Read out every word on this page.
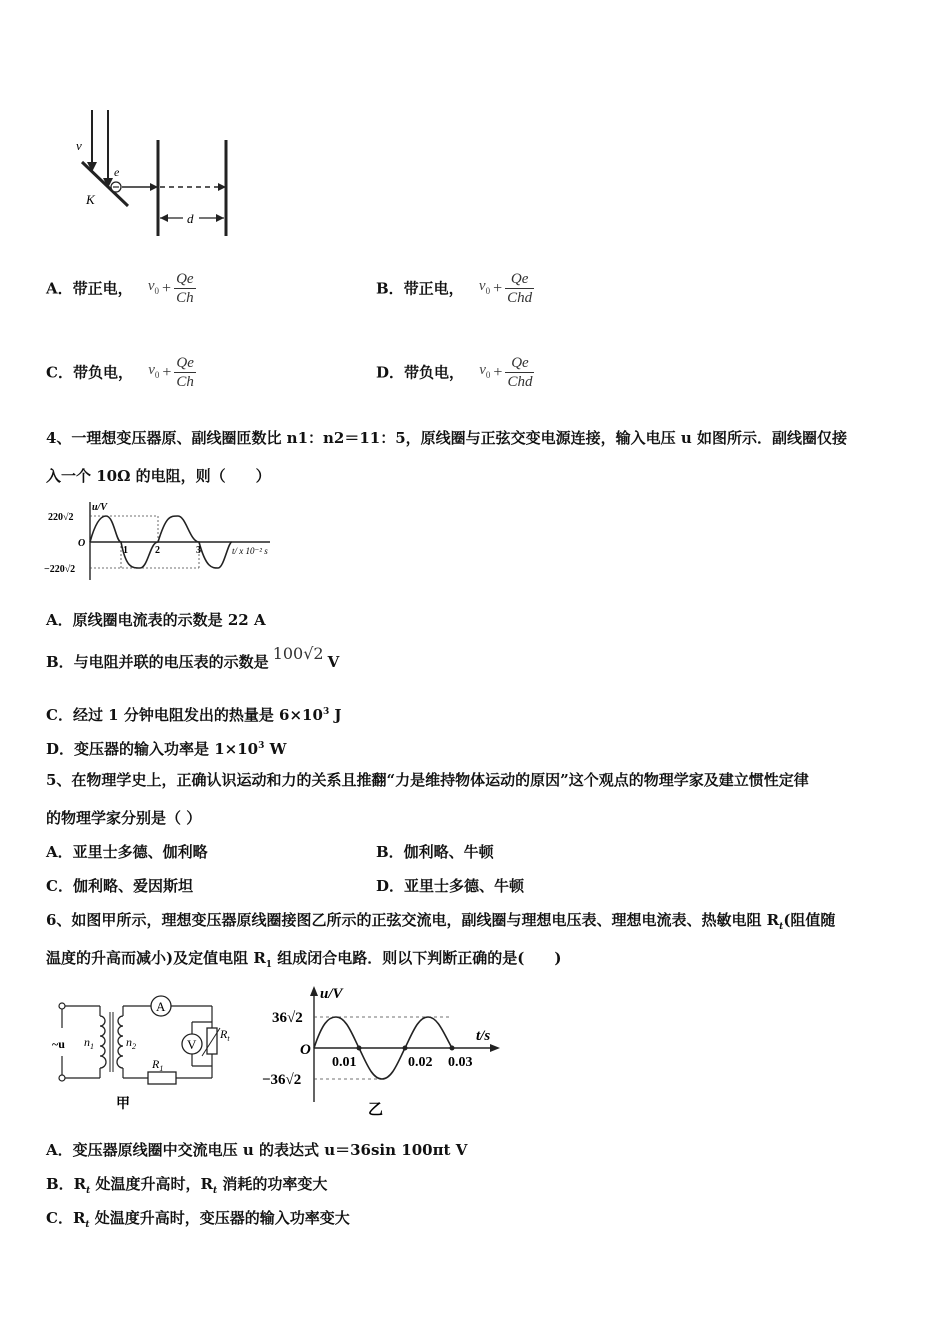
v
e
K
d
A．带正电， $v_0 + \frac{Qe}{Ch}$	B．带正电， $v_0 + \frac{Qe}{\text{Chd}}$
C．带负电， $v_0 + \frac{Qe}{Ch}$	D．带负电， $v_0 + \frac{Qe}{\text{Chd}}$
4、一理想变压器原、副线圈匝数比 n1：n2＝11：5，原线圈与正弦交变电源连接，输入电压 u 如图所示．副线圈仅接
入一个 10Ω 的电阻，则（　　）
u/V
220√2
−220√2
O
t/ x 10⁻² s
1	2	3
A．原线圈电流表的示数是 22 A
B．与电阻并联的电压表的示数是 100√2 V
C．经过 1 分钟电阻发出的热量是 $6\times 10^3$ J
D．变压器的输入功率是 $1\times 10^3$ W
5、在物理学史上，正确认识运动和力的关系且推翻“力是维持物体运动的原因”这个观点的物理学家及建立惯性定律
的物理学家分别是（ ）
A．亚里士多德、伽利略	B．伽利略、牛顿
C．伽利略、爱因斯坦	D．亚里士多德、牛顿
6、如图甲所示，理想变压器原线圈接图乙所示的正弦交流电，副线圈与理想电压表、理想电流表、热敏电阻 $R_t$(阻值随
温度的升高而减小)及定值电阻 $R_1$ 组成闭合电路．则以下判断正确的是(　　)
~u $n_1$	$n_2$
A
V
$R_t$
$R_1$
甲
u/V
t/s
O
36√2
−36√2
0.01	0.02 0.03
乙
A．变压器原线圈中交流电压 u 的表达式 u＝36sin 100πt V
B．$R_t$ 处温度升高时，$R_t$ 消耗的功率变大
C．$R_t$ 处温度升高时，变压器的输入功率变大
